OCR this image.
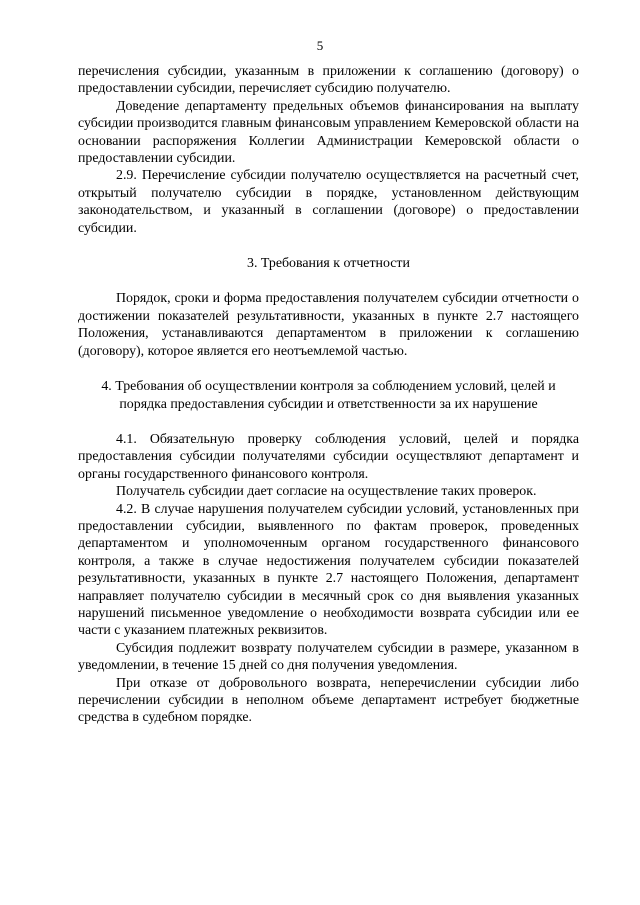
5

перечисления субсидии, указанным в приложении к соглашению (договору) о предоставлении субсидии, перечисляет субсидию получателю.

Доведение департаменту предельных объемов финансирования на выплату субсидии производится главным финансовым управлением Кемеровской области на основании распоряжения Коллегии Администрации Кемеровской области о предоставлении субсидии.

2.9. Перечисление субсидии получателю осуществляется на расчетный счет, открытый получателю субсидии в порядке, установленном действующим законодательством, и указанный в соглашении (договоре) о предоставлении субсидии.

3. Требования к отчетности

Порядок, сроки и форма предоставления получателем субсидии отчетности о достижении показателей результативности, указанных в пункте 2.7 настоящего Положения, устанавливаются департаментом в приложении к соглашению (договору), которое является его неотъемлемой частью.

4. Требования об осуществлении контроля за соблюдением условий, целей и

порядка предоставления субсидии и ответственности за их нарушение

4.1. Обязательную проверку соблюдения условий, целей и порядка предоставления субсидии получателями субсидии осуществляют департамент и органы государственного финансового контроля.

Получатель субсидии дает согласие на осуществление таких проверок.

4.2. В случае нарушения получателем субсидии условий, установленных при предоставлении субсидии, выявленного по фактам проверок, проведенных департаментом и уполномоченным органом государственного финансового контроля, а также в случае недостижения получателем субсидии показателей результативности, указанных в пункте 2.7 настоящего Положения, департамент направляет получателю субсидии в месячный срок со дня выявления указанных нарушений письменное уведомление о необходимости возврата субсидии или ее части с указанием платежных реквизитов.

Субсидия подлежит возврату получателем субсидии в размере, указанном в уведомлении, в течение 15 дней со дня получения уведомления.

При отказе от добровольного возврата, неперечислении субсидии либо перечислении субсидии в неполном объеме департамент истребует бюджетные средства в судебном порядке.
